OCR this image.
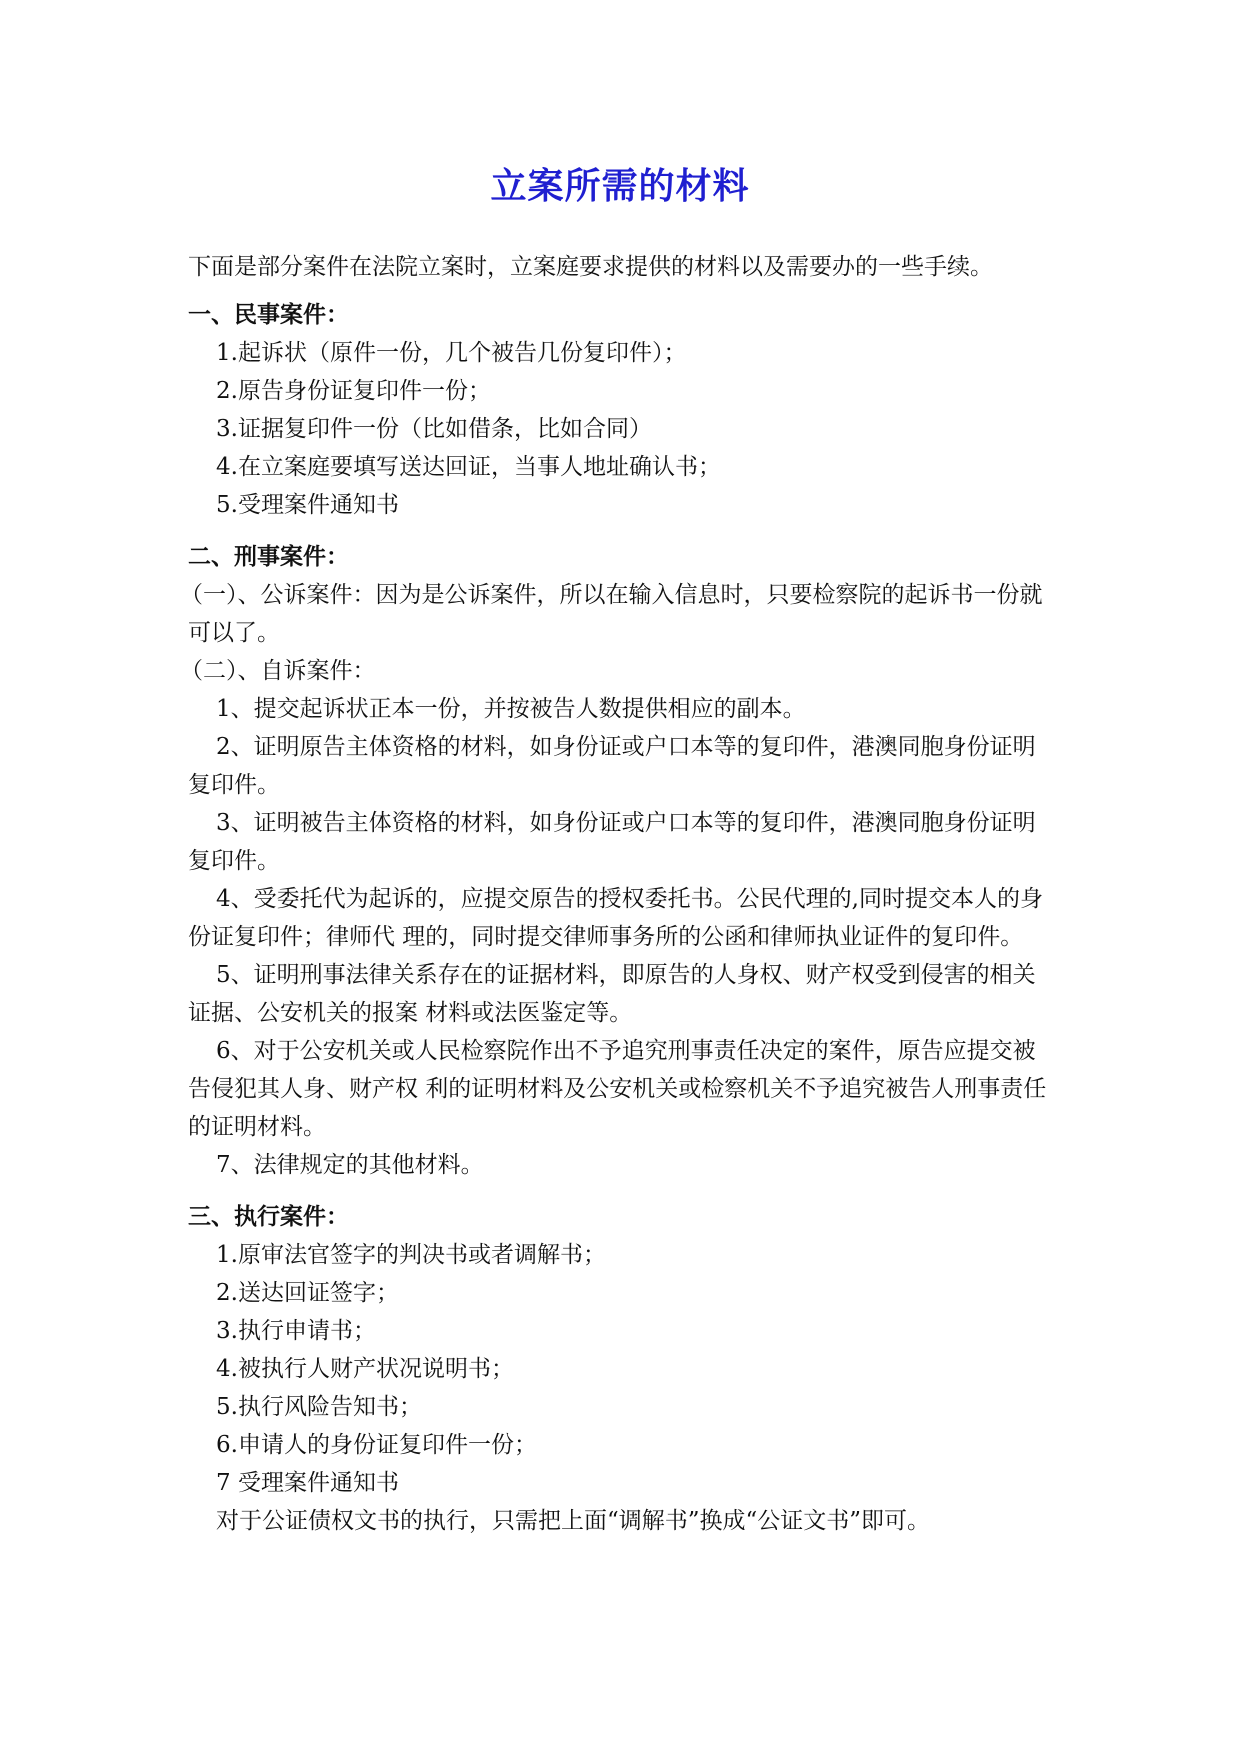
立案所需的材料

下面是部分案件在法院立案时，立案庭要求提供的材料以及需要办的一些手续。

一、民事案件：

1.起诉状（原件一份，几个被告几份复印件）；

2.原告身份证复印件一份；

3.证据复印件一份（比如借条，比如合同）

4.在立案庭要填写送达回证，当事人地址确认书；

5.受理案件通知书

二、刑事案件：

（一）、公诉案件：因为是公诉案件，所以在输入信息时，只要检察院的起诉书一份就可以了。

（二）、自诉案件：

1、提交起诉状正本一份，并按被告人数提供相应的副本。

2、证明原告主体资格的材料，如身份证或户口本等的复印件，港澳同胞身份证明复印件。

3、证明被告主体资格的材料，如身份证或户口本等的复印件，港澳同胞身份证明复印件。

4、受委托代为起诉的，应提交原告的授权委托书。公民代理的,同时提交本人的身份证复印件；律师代 理的，同时提交律师事务所的公函和律师执业证件的复印件。

5、证明刑事法律关系存在的证据材料，即原告的人身权、财产权受到侵害的相关证据、公安机关的报案 材料或法医鉴定等。

6、对于公安机关或人民检察院作出不予追究刑事责任决定的案件，原告应提交被告侵犯其人身、财产权 利的证明材料及公安机关或检察机关不予追究被告人刑事责任的证明材料。

7、法律规定的其他材料。

三、执行案件：

1.原审法官签字的判决书或者调解书；

2.送达回证签字；

3.执行申请书；

4.被执行人财产状况说明书；

5.执行风险告知书；

6.申请人的身份证复印件一份；

7 受理案件通知书

对于公证债权文书的执行，只需把上面“调解书”换成“公证文书”即可。
